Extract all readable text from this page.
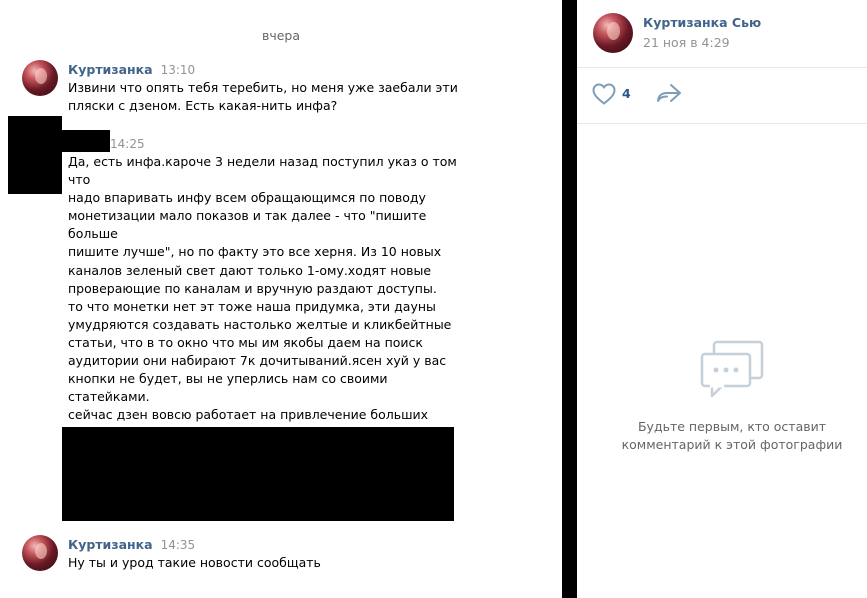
вчера
Куртизанка 13:10
Извини что опять тебя теребить, но меня уже заебали эти
пляски с дзеном. Есть какая-нить инфа?
14:25
Да, есть инфа.кароче 3 недели назад поступил указ о том что
надо впаривать инфу всем обращающимся по поводу
монетизации мало показов и так далее - что "пишите больше
пишите лучше", но по факту это все херня. Из 10 новых
каналов зеленый свет дают только 1-ому.ходят новые
проверающие по каналам и вручную раздают доступы.
то что монетки нет эт тоже наша придумка, эти дауны
умудряются создавать настолько желтые и кликбейтные
статьи, что в то окно что мы им якобы даем на поиск
аудитории они набирают 7к дочитываний.ясен хуй у вас
кнопки не будет, вы не уперлись нам со своими статейками.
сейчас дзен вовсю работает на привлечение больших

Куртизанка 14:35
Ну ты и урод такие новости сообщать
Куртизанка Сью
21 ноя в 4:29
4
Будьте первым, кто оставит комментарий к этой фотографии
